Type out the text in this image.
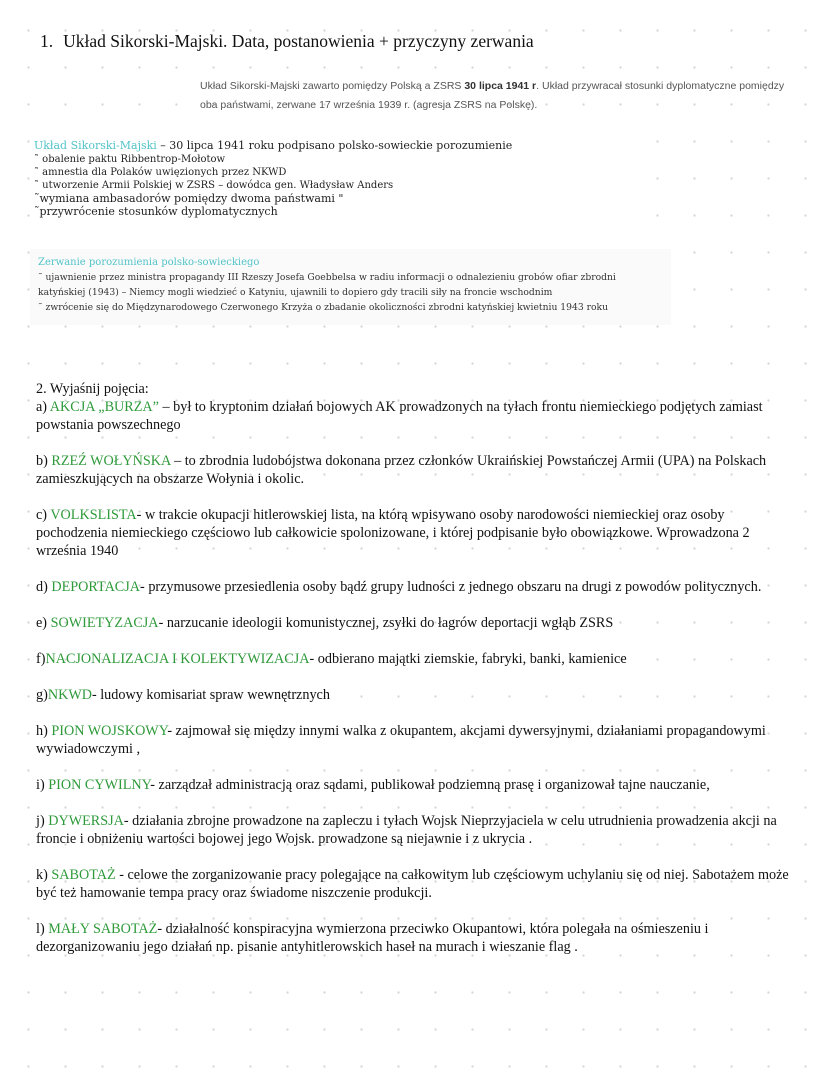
1. Układ Sikorski-Majski. Data, postanowienia + przyczyny zerwania
Układ Sikorski-Majski zawarto pomiędzy Polską a ZSRS 30 lipca 1941 r. Układ przywracał stosunki dyplomatyczne pomiędzy oba państwami, zerwane 17 września 1939 r. (agresja ZSRS na Polskę).
Układ Sikorski-Majski – 30 lipca 1941 roku podpisano polsko-sowieckie porozumienie
˜ obalenie paktu Ribbentrop-Mołotow
˜ amnestia dla Polaków uwięzionych przez NKWD
˜ utworzenie Armii Polskiej w ZSRS – dowódca gen. Władysław Anders
˜wymiana ambasadorów pomiędzy dwoma państwami "
˜przywrócenie stosunków dyplomatycznych
Zerwanie porozumienia polsko-sowieckiego
˜ ujawnienie przez ministra propagandy III Rzeszy Josefa Goebbelsa w radiu informacji o odnalezieniu grobów ofiar zbrodni katyńskiej (1943) – Niemcy mogli wiedzieć o Katyniu, ujawnili to dopiero gdy tracili siły na froncie wschodnim
˜ zwrócenie się do Międzynarodowego Czerwonego Krzyża o zbadanie okoliczności zbrodni katyńskiej kwietniu 1943 roku
2. Wyjaśnij pojęcia:
a) AKCJA „BURZA” – był to kryptonim działań bojowych AK prowadzonych na tyłach frontu niemieckiego podjętych zamiast powstania powszechnego
b) RZEŹ WOŁYŃSKA – to zbrodnia ludobójstwa dokonana przez członków Ukraińskiej Powstańczej Armii (UPA) na Polskach zamieszkujących na obszarze Wołynia i okolic.
c) VOLKSLISTA- w trakcie okupacji hitlerowskiej lista, na którą wpisywano osoby narodowości niemieckiej oraz osoby pochodzenia niemieckiego częściowo lub całkowicie spolonizowane, i której podpisanie było obowiązkowe. Wprowadzona 2 września 1940
d) DEPORTACJA- przymusowe przesiedlenia osoby bądź grupy ludności z jednego obszaru na drugi z powodów politycznych.
e) SOWIETYZACJA- narzucanie ideologii komunistycznej, zsyłki do łagrów deportacji wgłąb ZSRS
f)NACJONALIZACJA I KOLEKTYWIZACJA- odbierano majątki ziemskie, fabryki, banki, kamienice
g)NKWD- ludowy komisariat spraw wewnętrznych
h) PION WOJSKOWY- zajmował się między innymi walka z okupantem, akcjami dywersyjnymi, działaniami propagandowymi wywiadowczymi ,
i) PION CYWILNY- zarządzał administracją oraz sądami, publikował podziemną prasę i organizował tajne nauczanie,
j) DYWERSJA- działania zbrojne prowadzone na zapleczu i tyłach Wojsk Nieprzyjaciela w celu utrudnienia prowadzenia akcji na froncie i obniżeniu wartości bojowej jego Wojsk. prowadzone są niejawnie i z ukrycia .
k) SABOTAŻ - celowe the zorganizowanie pracy polegające na całkowitym lub częściowym uchylaniu się od niej. Sabotażem może być też hamowanie tempa pracy oraz świadome niszczenie produkcji.
l) MAŁY SABOTAŻ- działalność konspiracyjna wymierzona przeciwko Okupantowi, która polegała na ośmieszeniu i dezorganizowaniu jego działań np. pisanie antyhitlerowskich haseł na murach i wieszanie flag .
